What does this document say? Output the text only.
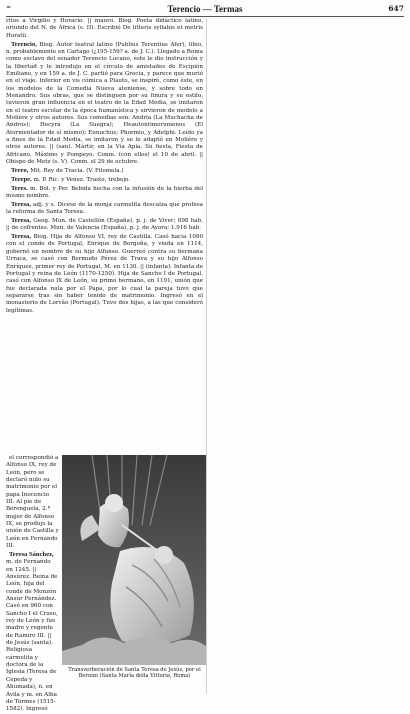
=	Terencio — Termas	647

ritos a Virgilio y Horacio. || mauro. Biog. Poeta didáctico latino, oriundo del N. de África (s. II). Escribió De litteris syllabis et metris Horatii.

Terencio, Biog. Autor teatral latino (Publius Terentius Afer), libio, n. probablemente en Cartago (¿195-159? a. de J. C.). Llegado a Roma como esclavo del senador Terencio Lucano, éste le dio instrucción y la libertad y le introdujo en el círculo de amistades de Escipión Emiliano, y en 159 a. de J. C. partió para Grecia, y parece que murió en el viaje. Inferior en vis cómica a Plauto, se inspiró, como éste, en los modelos de la Comedia Nueva ateniense, y sobre todo en Menandro. Sus obras, que se distinguen por su finura y su estilo, tuvieron gran influencia en el teatro de la Edad Media, se imitaron en el teatro escolar de la época humanística y sirvieron de modelo a Molière y otros autores. Sus comedias son: Andria (La Muchacha de Andros); Hecyra (La Suegra); Heautontimorumenos (El Atormentador de sí mismo); Eunuchus; Phormio, y Adelphi. Leído ya a fines de la Edad Media, se imitaron y se le adaptó en Molière y otros autores. || (san). Mártir, en la Vía Apia. Su fiesta, Fiesta de Africano, Máximo y Pompeyo. Conm. (con ellos) el 10 de abril. || Obispo de Metz (s. V). Conm. el 29 de octubre.

Tereo, Mit. Rey de Tracia. (V. Filomela.)

Terepe. m. P. Ric. y Venez. Trasto, trebejo.

Teres. m. Bol. y Per. Bebida hecha con la infusión de la hierba del mismo nombre.

Teresa, adj. y s. Dícese de la monja carmelita descalza que profesa la reforma de Santa Teresa.

Teresa, Geog. Mun. de Castellón (España), p. j. de Viver; 898 hab. || de cofrentes. Mun. de Valencia (España), p. j. de Ayora; 1.916 hab.

Teresa, Biog. Hija de Alfonso VI, rey de Castilla. Casó hacia 1090 con el conde de Portugal, Enrique de Borgoña, y viuda en 1114, gobernó en nombre de su hijo Alfonso. Guerreó contra su hermana Urraca, se casó con Bermudo Pérez de Trava y su hijo Alfonso Enríquez, primer rey de Portugal, M. en 1130. || (infanta). Infanta de Portugal y reina de León (1170-1250). Hija de Sancho I de Portugal, casó con Alfonso IX de León, su primo hermano, en 1191, unión que fue declarada nula por el Papa, por lo cual la pareja tuvo que separarse tras sin haber tenido de matrimonio. Ingresó en el monasterio de Lorvão (Portugal). Tuvo dos hijas, a las que consideró legítimas.

el correspondió a Alfonso IX, rey de León, pero se declaró nulo su matrimonio por el papa Inocencio III. Al pie de Berenguela, 2.ª mujer de Alfonso IX, se produjo la unión de Castilla y León en Fernando III.

Teresa Sánchez, m. de Fernando en 1245. || Ansúrez. Reina de León, hija del conde de Monzón Ansur Fernández. Casó en 960 con Sancho I el Craso, rey de León y fue madre y regente de Ramiro III. || de Jesús (santa). Religiosa carmelita y doctora de la Iglesia (Teresa de Cepeda y Ahumada), n. en Ávila y m. en Alba de Tormes (1515-1582). Ingresó

Transverberación de Santa Teresa de Jesús, por el Bernini (Santa María della Vittoria, Roma)
